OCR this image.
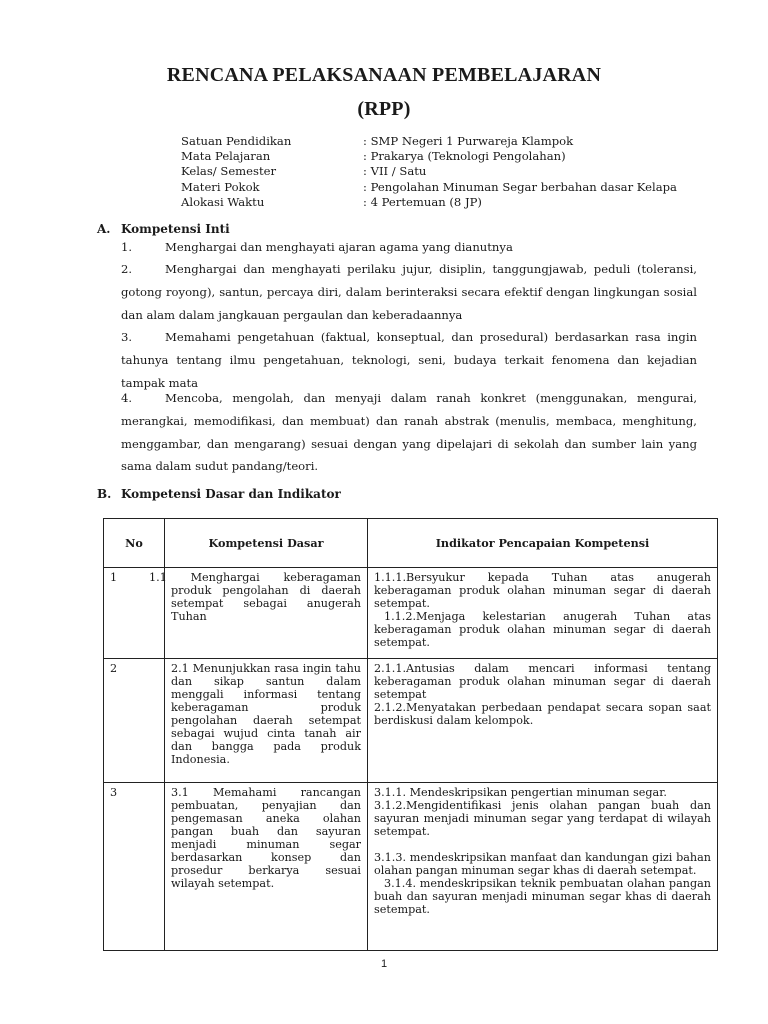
RENCANA PELAKSANAAN PEMBELAJARAN
(RPP)
Satuan Pendidikan	: SMP Negeri 1 Purwareja Klampok
Mata Pelajaran	: Prakarya (Teknologi Pengolahan)
Kelas/ Semester	: VII / Satu
Materi Pokok	: Pengolahan Minuman Segar berbahan dasar Kelapa
Alokasi Waktu	: 4 Pertemuan (8 JP)
A. Kompetensi Inti
1.	Menghargai dan menghayati ajaran agama yang dianutnya
2.	Menghargai dan menghayati perilaku jujur, disiplin, tanggungjawab, peduli (toleransi, gotong royong), santun, percaya diri, dalam berinteraksi secara efektif dengan lingkungan sosial dan alam dalam jangkauan pergaulan dan keberadaannya
3.	Memahami pengetahuan (faktual, konseptual, dan prosedural) berdasarkan rasa ingin tahunya tentang ilmu pengetahuan, teknologi, seni, budaya terkait fenomena dan kejadian tampak mata
4.	Mencoba, mengolah, dan menyaji dalam ranah konkret (menggunakan, mengurai, merangkai, memodifikasi, dan membuat) dan ranah abstrak (menulis, membaca, menghitung, menggambar, dan mengarang) sesuai dengan yang dipelajari di sekolah dan sumber lain yang sama dalam sudut pandang/teori.
B. Kompetensi Dasar dan Indikator
No	Kompetensi Dasar	Indikator Pencapaian Kompetensi
1	1.1 Menghargai keberagaman produk pengolahan di daerah setempat sebagai anugerah Tuhan	1.1.1.Bersyukur kepada Tuhan atas anugerah keberagaman produk olahan minuman segar di daerah setempat.
1.1.2.Menjaga kelestarian anugerah Tuhan atas keberagaman produk olahan minuman segar di daerah setempat.

2	2.1 Menunjukkan rasa ingin tahu dan sikap santun dalam menggali informasi tentang keberagaman produk pengolahan daerah setempat sebagai wujud cinta tanah air dan bangga pada produk Indonesia.	2.1.1.Antusias dalam mencari informasi tentang keberagaman produk olahan minuman segar di daerah setempat
2.1.2.Menyatakan perbedaan pendapat secara sopan saat berdiskusi dalam kelompok.

3	3.1 Memahami rancangan pembuatan, penyajian dan pengemasan aneka olahan pangan buah dan sayuran menjadi minuman segar berdasarkan konsep dan prosedur berkarya sesuai wilayah setempat.	3.1.1. Mendeskripsikan pengertian minuman segar.
3.1.2.Mengidentifikasi jenis olahan pangan buah dan sayuran menjadi minuman segar yang terdapat di wilayah setempat.
3.1.3. mendeskripsikan manfaat dan kandungan gizi bahan olahan pangan minuman segar khas di daerah setempat.
3.1.4. mendeskripsikan teknik pembuatan olahan pangan buah dan sayuran menjadi minuman segar khas di daerah setempat.
1
